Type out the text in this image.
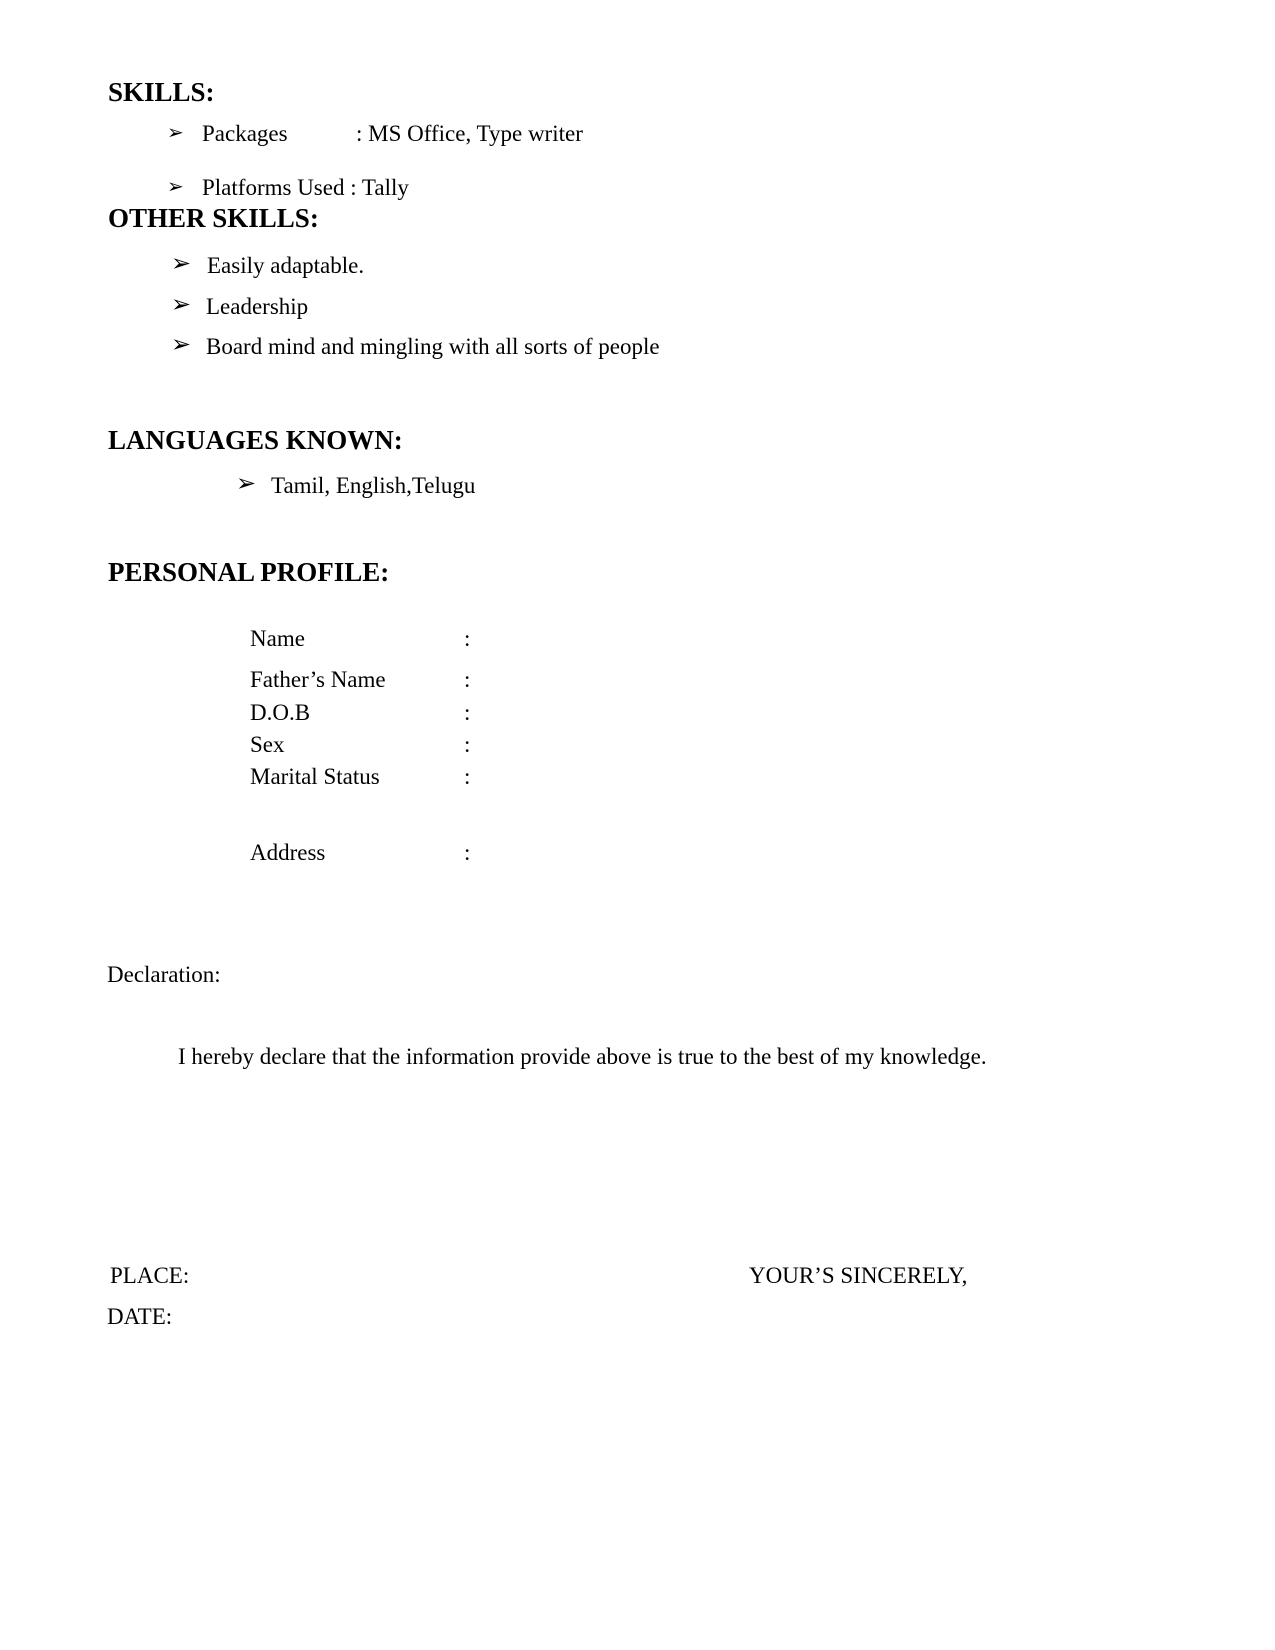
SKILLS:
➢ Packages	: MS Office, Type writer
➢ Platforms Used : Tally
OTHER SKILLS:
➢ Easily adaptable.
➢ Leadership
➢ Board mind and mingling with all sorts of people
LANGUAGES KNOWN:
➢ Tamil, English,Telugu
PERSONAL PROFILE:
Name	:
Father’s Name	:
D.O.B	:
Sex	:
Marital Status	:
Address	:
Declaration:
I hereby declare that the information provide above is true to the best of my knowledge.
PLACE:	YOUR’S SINCERELY,
DATE:
